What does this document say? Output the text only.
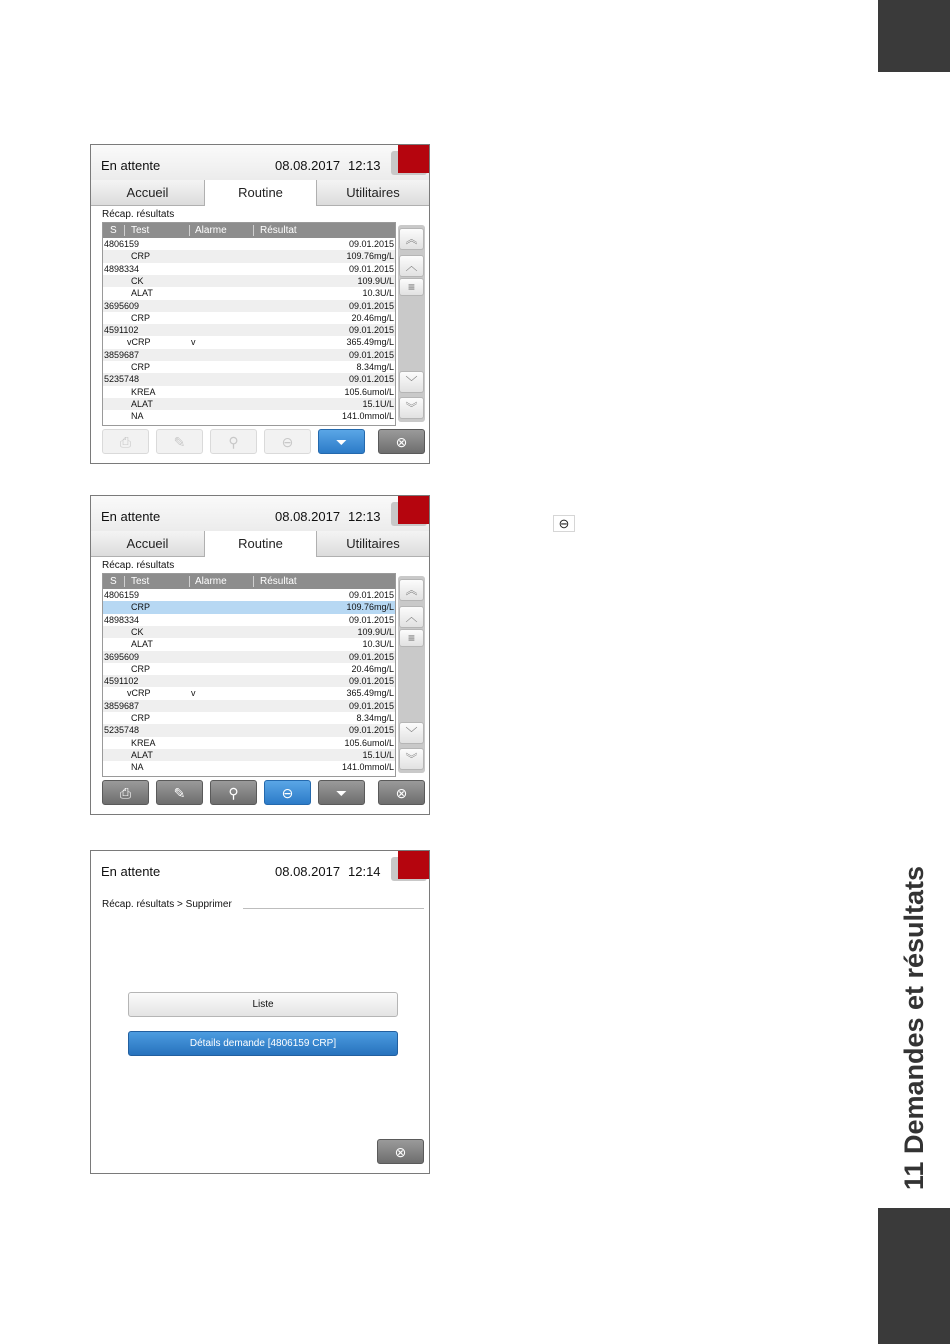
11 Demandes et résultats
⊖
En attente	08.08.2017 12:13
Accueil	Routine	Utilitaires
Récap. résultats
S Test	Alarme	Résultat
4806159	09.01.2015
CRP	109.76mg/L
4898334	09.01.2015
CK	109.9U/L
ALAT	10.3U/L
3695609	09.01.2015
CRP	20.46mg/L
4591102	09.01.2015
vCRP	v	365.49mg/L
3859687	09.01.2015
CRP	8.34mg/L
5235748	09.01.2015
KREA	105.6umol/L
ALAT	15.1U/L
NA	141.0mmol/L
︽
︿
≡
﹀
︾
⎙	✎	⚲	⊖	⏷	⊗
En attente	08.08.2017 12:13
Accueil	Routine	Utilitaires
Récap. résultats
S Test	Alarme	Résultat
4806159	09.01.2015
CRP	109.76mg/L
4898334	09.01.2015
CK	109.9U/L
ALAT	10.3U/L
3695609	09.01.2015
CRP	20.46mg/L
4591102	09.01.2015
vCRP	v	365.49mg/L
3859687	09.01.2015
CRP	8.34mg/L
5235748	09.01.2015
KREA	105.6umol/L
ALAT	15.1U/L
NA	141.0mmol/L
︽
︿
≡
﹀
︾
⎙	✎	⚲	⊖	⏷	⊗
En attente	08.08.2017 12:14
Récap. résultats > Supprimer
Liste
Détails demande [4806159 CRP]
⊗
